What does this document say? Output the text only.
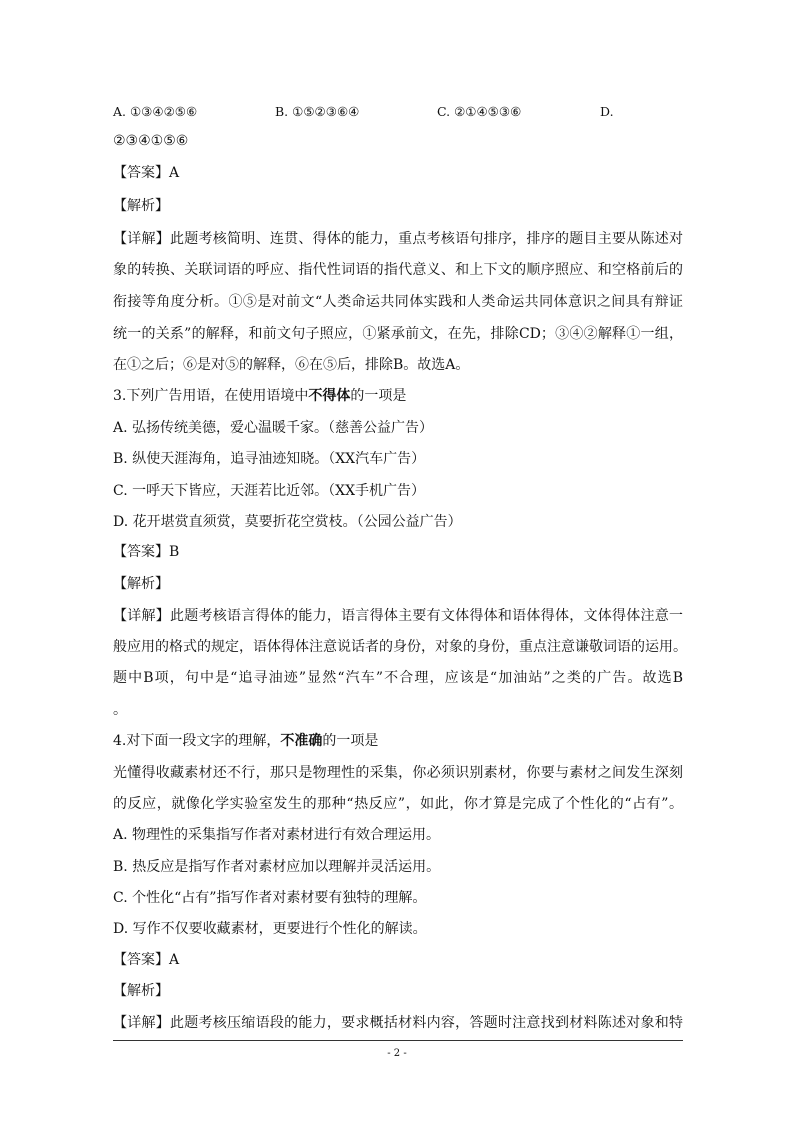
A. ①③④②⑤⑥	B. ①⑤②③⑥④	C. ②①④⑤③⑥	D.
②③④①⑤⑥
【答案】A
【解析】
【详解】此题考核简明、连贯、得体的能力，重点考核语句排序，排序的题目主要从陈述对
象的转换、关联词语的呼应、指代性词语的指代意义、和上下文的顺序照应、和空格前后的
衔接等角度分析。①⑤是对前文“人类命运共同体实践和人类命运共同体意识之间具有辩证
统一的关系”的解释，和前文句子照应，①紧承前文，在先，排除CD；③④②解释①一组，
在①之后；⑥是对⑤的解释，⑥在⑤后，排除B。故选A。
3.下列广告用语，在使用语境中不得体的一项是
A. 弘扬传统美德，爱心温暖千家。（慈善公益广告）
B. 纵使天涯海角，追寻油迹知晓。（XX汽车广告）
C. 一呼天下皆应，天涯若比近邻。（XX手机广告）
D. 花开堪赏直须赏，莫要折花空赏枝。（公园公益广告）
【答案】B
【解析】
【详解】此题考核语言得体的能力，语言得体主要有文体得体和语体得体，文体得体注意一
般应用的格式的规定，语体得体注意说话者的身份，对象的身份，重点注意谦敬词语的运用。
题中B项，句中是“追寻油迹”显然“汽车”不合理，应该是“加油站”之类的广告。故选B
。
4.对下面一段文字的理解，不准确的一项是
光懂得收藏素材还不行，那只是物理性的采集，你必须识别素材，你要与素材之间发生深刻
的反应，就像化学实验室发生的那种“热反应”，如此，你才算是完成了个性化的“占有”。
A. 物理性的采集指写作者对素材进行有效合理运用。
B. 热反应是指写作者对素材应加以理解并灵活运用。
C. 个性化“占有”指写作者对素材要有独特的理解。
D. 写作不仅要收藏素材，更要进行个性化的解读。
【答案】A
【解析】
【详解】此题考核压缩语段的能力，要求概括材料内容，答题时注意找到材料陈述对象和特
- 2 -
